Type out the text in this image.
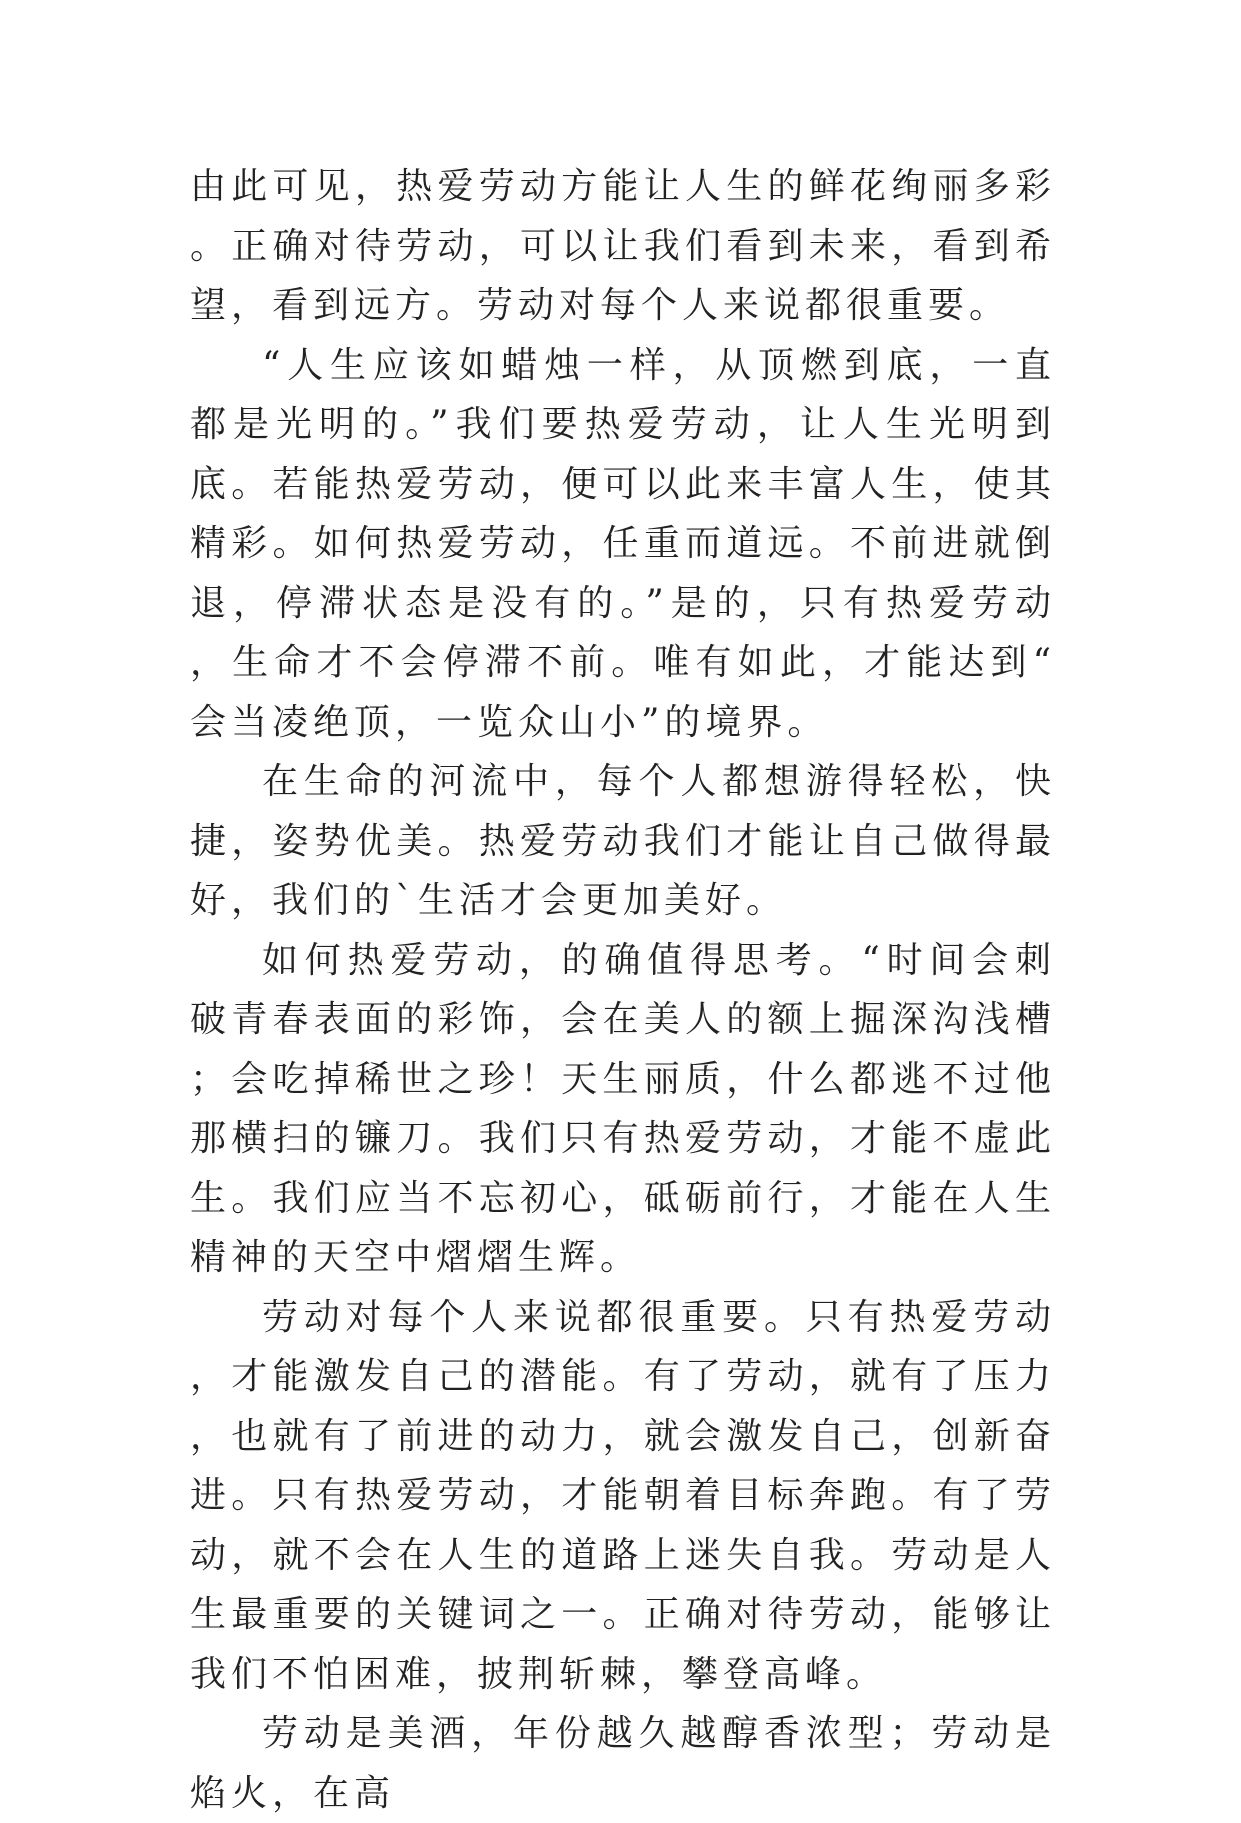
由此可见，热爱劳动方能让人生的鲜花绚丽多彩。正确对待劳动，可以让我们看到未来，看到希望，看到远方。劳动对每个人来说都很重要。

“人生应该如蜡烛一样，从顶燃到底，一直都是光明的。”我们要热爱劳动，让人生光明到底。若能热爱劳动，便可以此来丰富人生，使其精彩。如何热爱劳动，任重而道远。不前进就倒退，停滞状态是没有的。”是的，只有热爱劳动，生命才不会停滞不前。唯有如此，才能达到“会当凌绝顶，一览众山小”的境界。

在生命的河流中，每个人都想游得轻松，快捷，姿势优美。热爱劳动我们才能让自己做得最好，我们的`生活才会更加美好。

如何热爱劳动，的确值得思考。“时间会刺破青春表面的彩饰，会在美人的额上掘深沟浅槽；会吃掉稀世之珍！天生丽质，什么都逃不过他那横扫的镰刀。我们只有热爱劳动，才能不虚此生。我们应当不忘初心，砥砺前行，才能在人生精神的天空中熠熠生辉。

劳动对每个人来说都很重要。只有热爱劳动，才能激发自己的潜能。有了劳动，就有了压力，也就有了前进的动力，就会激发自己，创新奋进。只有热爱劳动，才能朝着目标奔跑。有了劳动，就不会在人生的道路上迷失自我。劳动是人生最重要的关键词之一。正确对待劳动，能够让我们不怕困难，披荆斩棘，攀登高峰。

劳动是美酒，年份越久越醇香浓型；劳动是焰火，在高
